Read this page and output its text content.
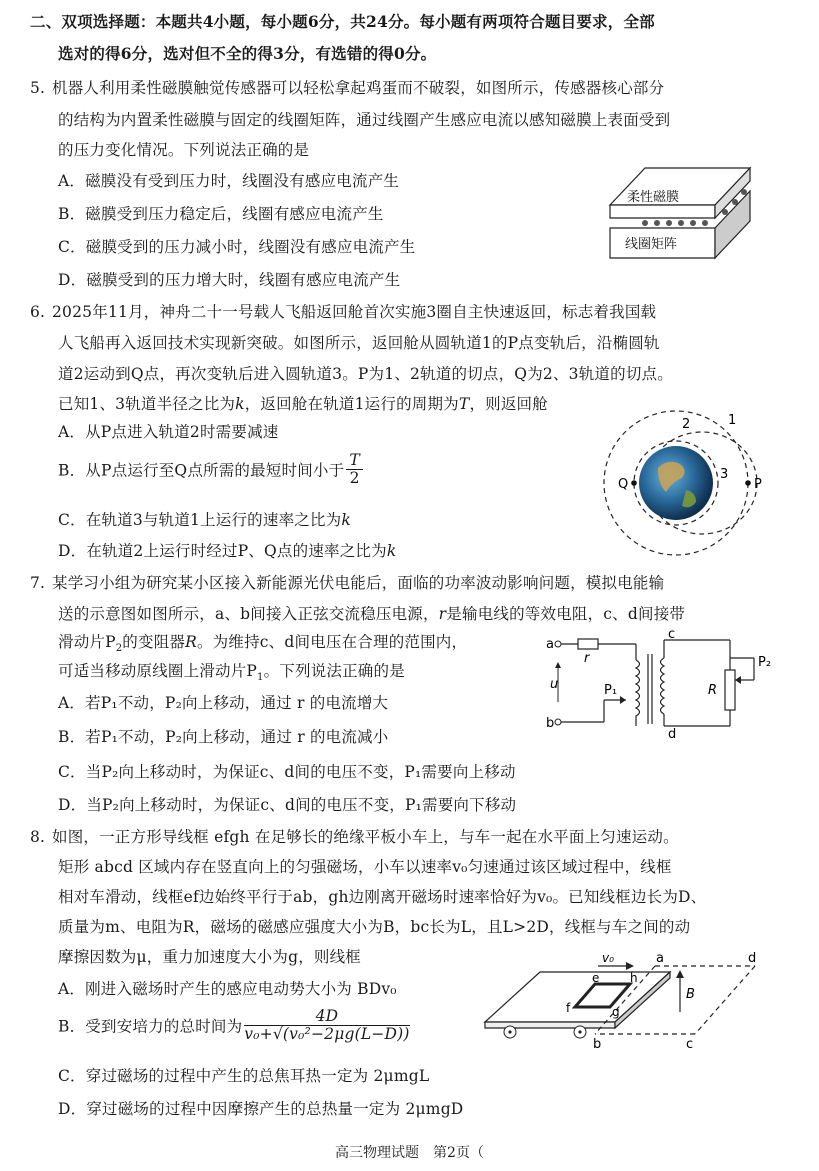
二、双项选择题：本题共4小题，每小题6分，共24分。每小题有两项符合题目要求，全部
选对的得6分，选对但不全的得3分，有选错的得0分。
5. 机器人利用柔性磁膜触觉传感器可以轻松拿起鸡蛋而不破裂，如图所示，传感器核心部分
的结构为内置柔性磁膜与固定的线圈矩阵，通过线圈产生感应电流以感知磁膜上表面受到
的压力变化情况。下列说法正确的是
A．磁膜没有受到压力时，线圈没有感应电流产生
B．磁膜受到压力稳定后，线圈有感应电流产生
C．磁膜受到的压力减小时，线圈没有感应电流产生
D．磁膜受到的压力增大时，线圈有感应电流产生
柔性磁膜
线圈矩阵
6. 2025年11月，神舟二十一号载人飞船返回舱首次实施3圈自主快速返回，标志着我国载
人飞船再入返回技术实现新突破。如图所示，返回舱从圆轨道1的P点变轨后，沿椭圆轨
道2运动到Q点，再次变轨后进入圆轨道3。P为1、2轨道的切点，Q为2、3轨道的切点。
已知1、3轨道半径之比为k，返回舱在轨道1运行的周期为T，则返回舱
A．从P点进入轨道2时需要减速
B．从P点运行至Q点所需的最短时间小于 $\frac{T}{2}$
C．在轨道3与轨道1上运行的速率之比为k
D．在轨道2上运行时经过P、Q点的速率之比为k
Q	P
1
2
3
7. 某学习小组为研究某小区接入新能源光伏电能后，面临的功率波动影响问题，模拟电能输
送的示意图如图所示，a、b间接入正弦交流稳压电源，r是输电线的等效电阻，c、d间接带
滑动片$P_2$的变阻器R。为维持c、d间电压在合理的范围内，
可适当移动原线圈上滑动片$P_1$。下列说法正确的是
A．若P₁不动，P₂向上移动，通过 r 的电流增大
B．若P₁不动，P₂向上移动，通过 r 的电流减小
C．当P₂向上移动时，为保证c、d间的电压不变，P₁需要向上移动
D．当P₂向上移动时，为保证c、d间的电压不变，P₁需要向下移动
a
b
u
r
P₁
c
d
R
P₂
8. 如图，一正方形导线框 efgh 在足够长的绝缘平板小车上，与车一起在水平面上匀速运动。
矩形 abcd 区域内存在竖直向上的匀强磁场，小车以速率v₀匀速通过该区域过程中，线框
相对车滑动，线框ef边始终平行于ab，gh边刚离开磁场时速率恰好为v₀。已知线框边长为D、
质量为m、电阻为R，磁场的磁感应强度大小为B，bc长为L，且L>2D，线框与车之间的动
摩擦因数为μ，重力加速度大小为g，则线框
A．刚进入磁场时产生的感应电动势大小为 BDv₀
B．受到安培力的总时间为 $\frac{4D}{\text{v₀+√(v₀²−2μg(L−D))}}$
C．穿过磁场的过程中产生的总焦耳热一定为 2μmgL
D．穿过磁场的过程中因摩擦产生的总热量一定为 2μmgD
v₀	a	d
b	c
e	h
f	g
B
高三物理试题　第2页（
